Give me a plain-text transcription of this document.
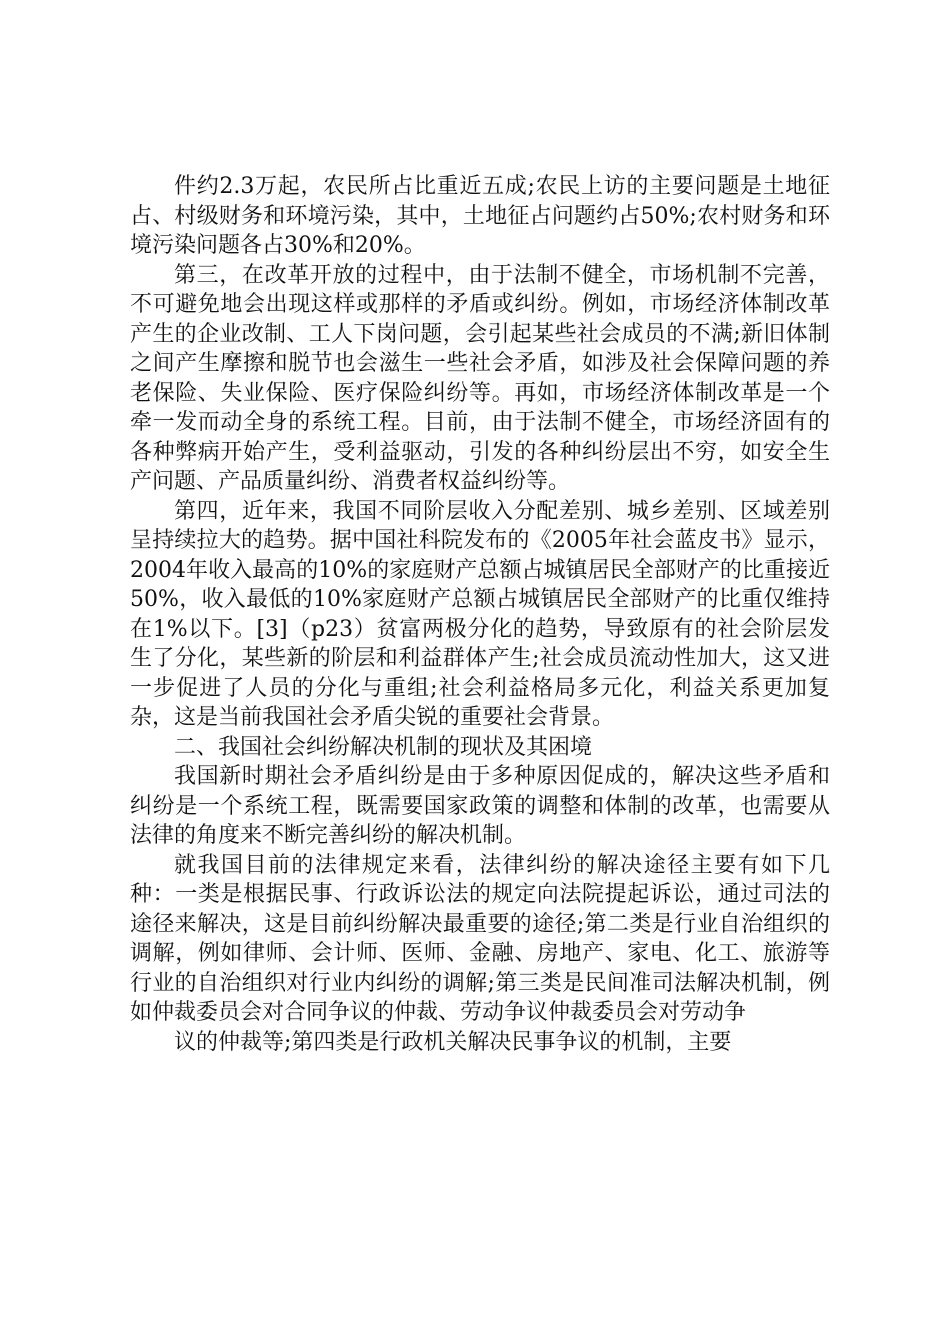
件约2.3万起，农民所占比重近五成;农民上访的主要问题是土地征占、村级财务和环境污染，其中，土地征占问题约占50%;农村财务和环境污染问题各占30%和20%。

第三，在改革开放的过程中，由于法制不健全，市场机制不完善，不可避免地会出现这样或那样的矛盾或纠纷。例如，市场经济体制改革产生的企业改制、工人下岗问题，会引起某些社会成员的不满;新旧体制之间产生摩擦和脱节也会滋生一些社会矛盾，如涉及社会保障问题的养老保险、失业保险、医疗保险纠纷等。再如，市场经济体制改革是一个牵一发而动全身的系统工程。目前，由于法制不健全，市场经济固有的各种弊病开始产生，受利益驱动，引发的各种纠纷层出不穷，如安全生产问题、产品质量纠纷、消费者权益纠纷等。

第四，近年来，我国不同阶层收入分配差别、城乡差别、区域差别呈持续拉大的趋势。据中国社科院发布的《2005年社会蓝皮书》显示，2004年收入最高的10%的家庭财产总额占城镇居民全部财产的比重接近50%，收入最低的10%家庭财产总额占城镇居民全部财产的比重仅维持在1%以下。[3]（p23）贫富两极分化的趋势，导致原有的社会阶层发生了分化，某些新的阶层和利益群体产生;社会成员流动性加大，这又进一步促进了人员的分化与重组;社会利益格局多元化，利益关系更加复杂，这是当前我国社会矛盾尖锐的重要社会背景。

二、我国社会纠纷解决机制的现状及其困境

我国新时期社会矛盾纠纷是由于多种原因促成的，解决这些矛盾和纠纷是一个系统工程，既需要国家政策的调整和体制的改革，也需要从法律的角度来不断完善纠纷的解决机制。

就我国目前的法律规定来看，法律纠纷的解决途径主要有如下几种：一类是根据民事、行政诉讼法的规定向法院提起诉讼，通过司法的途径来解决，这是目前纠纷解决最重要的途径;第二类是行业自治组织的调解，例如律师、会计师、医师、金融、房地产、家电、化工、旅游等行业的自治组织对行业内纠纷的调解;第三类是民间准司法解决机制，例如仲裁委员会对合同争议的仲裁、劳动争议仲裁委员会对劳动争

议的仲裁等;第四类是行政机关解决民事争议的机制，主要
